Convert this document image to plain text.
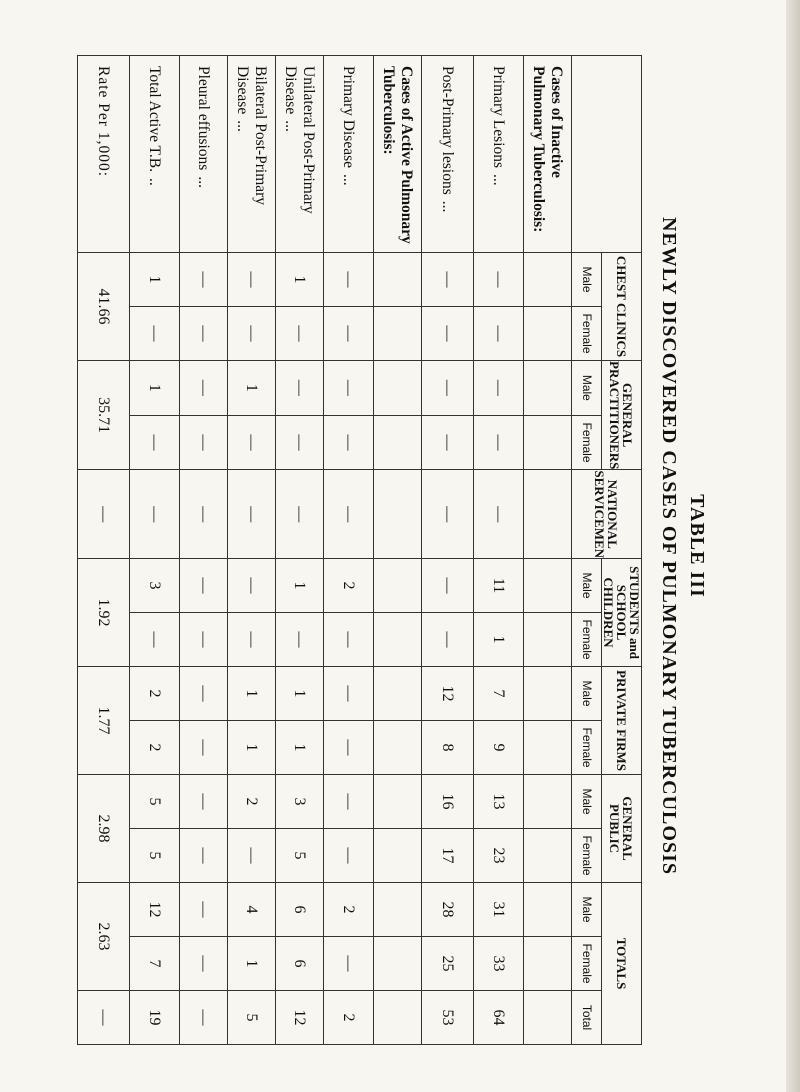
TABLE III
NEWLY DISCOVERED CASES OF PULMONARY TUBERCULOSIS
	CHEST CLINICS		GENERAL PRACTITIONERS		NATIONAL SERVICEMEN	STUDENTS and SCHOOL CHILDREN		PRIVATE FIRMS		GENERAL PUBLIC		TOTALS		
	Male	Female	Male	Female		Male	Female	Male	Female	Male	Female	Male	Female	Total
Cases of Inactive Pulmonary Tuberculosis:														
Primary Lesions...	—	—	—	—	—	11	1	7	9	13	23	31	33	64
Post-Primary lesions...	—	—	—	—	—	—	—	12	8	16	17	28	25	53
Cases of Active Pulmonary Tuberculosis:														
Primary Disease...	—	—	—	—	—	2	—	—	—	—	—	2	—	2
Unilateral Post-Primary Disease...	1	—	—	—	—	1	—	1	1	3	5	6	6	12
Bilateral Post-Primary Disease...	—	—	1	—	—	—	—	1	1	2	—	4	1	5
Pleural effusions...	—	—	—	—	—	—	—	—	—	—	—	—	—	—
Total Active T.B...	1	—	1	—	—	3	—	2	2	5	5	12	7	19
Rate Per 1,000:	41.66		35.71		—	1.92		1.77		2.98		2.63		—
